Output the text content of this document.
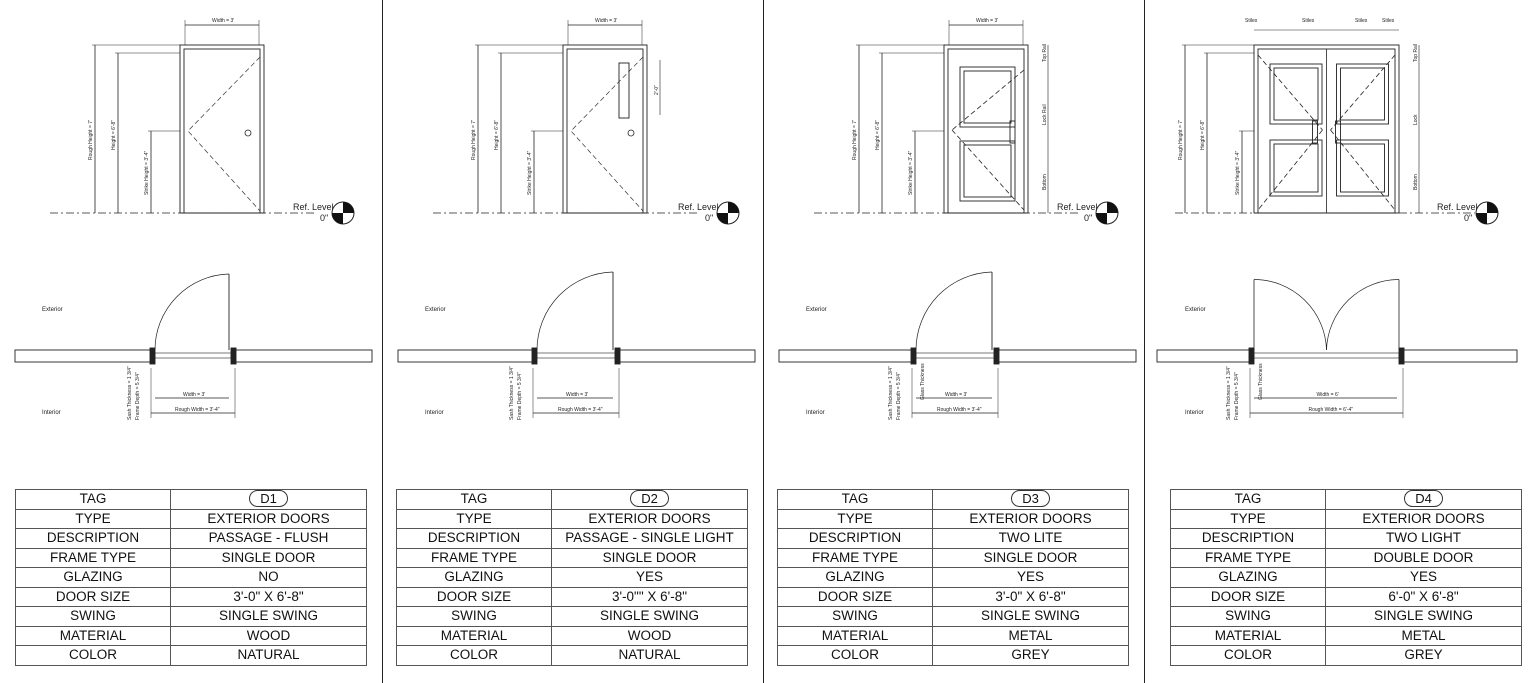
Ref. Level
0"
Rough Height = 7'	Height = 6'-8"
Strike Height = 3'-4"
Width = 3'
Exterior
Interior
Width = 3'
Rough Width = 3'-4"
Sash Thickness = 1 3/4" Frame Depth = 5 3/4"
TAG	D1
TYPE	EXTERIOR DOORS
DESCRIPTION	PASSAGE - FLUSH
FRAME TYPE	SINGLE DOOR
GLAZING	NO
DOOR SIZE	3'-0" X 6'-8"
SWING	SINGLE SWING
MATERIAL	WOOD
COLOR	NATURAL
Ref. Level
0"
Rough Height = 7'	Height = 6'-8"
Strike Height = 3'-4"
Width = 3'
2'-0"
Exterior
Interior
Width = 3'
Rough Width = 3'-4"
Sash Thickness = 1 3/4" Frame Depth = 5 3/4"
TAG	D2
TYPE	EXTERIOR DOORS
DESCRIPTION	PASSAGE - SINGLE LIGHT
FRAME TYPE	SINGLE DOOR
GLAZING	YES
DOOR SIZE	3'-0"" X 6'-8"
SWING	SINGLE SWING
MATERIAL	WOOD
COLOR	NATURAL
Ref. Level
0"
Rough Height = 7'	Height = 6'-8"
Strike Height = 3'-4"
Width = 3'
Top Rail
Lock Rail
Bottom
Exterior
Interior
Width = 3'
Rough Width = 3'-4"
Sash Thickness = 1 3/4" Frame Depth = 5 3/4"	Glass Thickness
TAG	D3
TYPE	EXTERIOR DOORS
DESCRIPTION	TWO LITE
FRAME TYPE	SINGLE DOOR
GLAZING	YES
DOOR SIZE	3'-0" X 6'-8"
SWING	SINGLE SWING
MATERIAL	METAL
COLOR	GREY
Ref. Level
0"
Rough Height = 7'	Height = 6'-8"
Strike Height = 3'-4"
Stiles	Stiles	Stiles	Stiles
Top Rail
Lock
Bottom
Exterior
Interior
Width = 6'
Rough Width = 6'-4"
Sash Thickness = 1 3/4" Frame Depth = 5 3/4"	Glass Thickness
TAG	D4
TYPE	EXTERIOR DOORS
DESCRIPTION	TWO LIGHT
FRAME TYPE	DOUBLE DOOR
GLAZING	YES
DOOR SIZE	6'-0" X 6'-8"
SWING	SINGLE SWING
MATERIAL	METAL
COLOR	GREY
